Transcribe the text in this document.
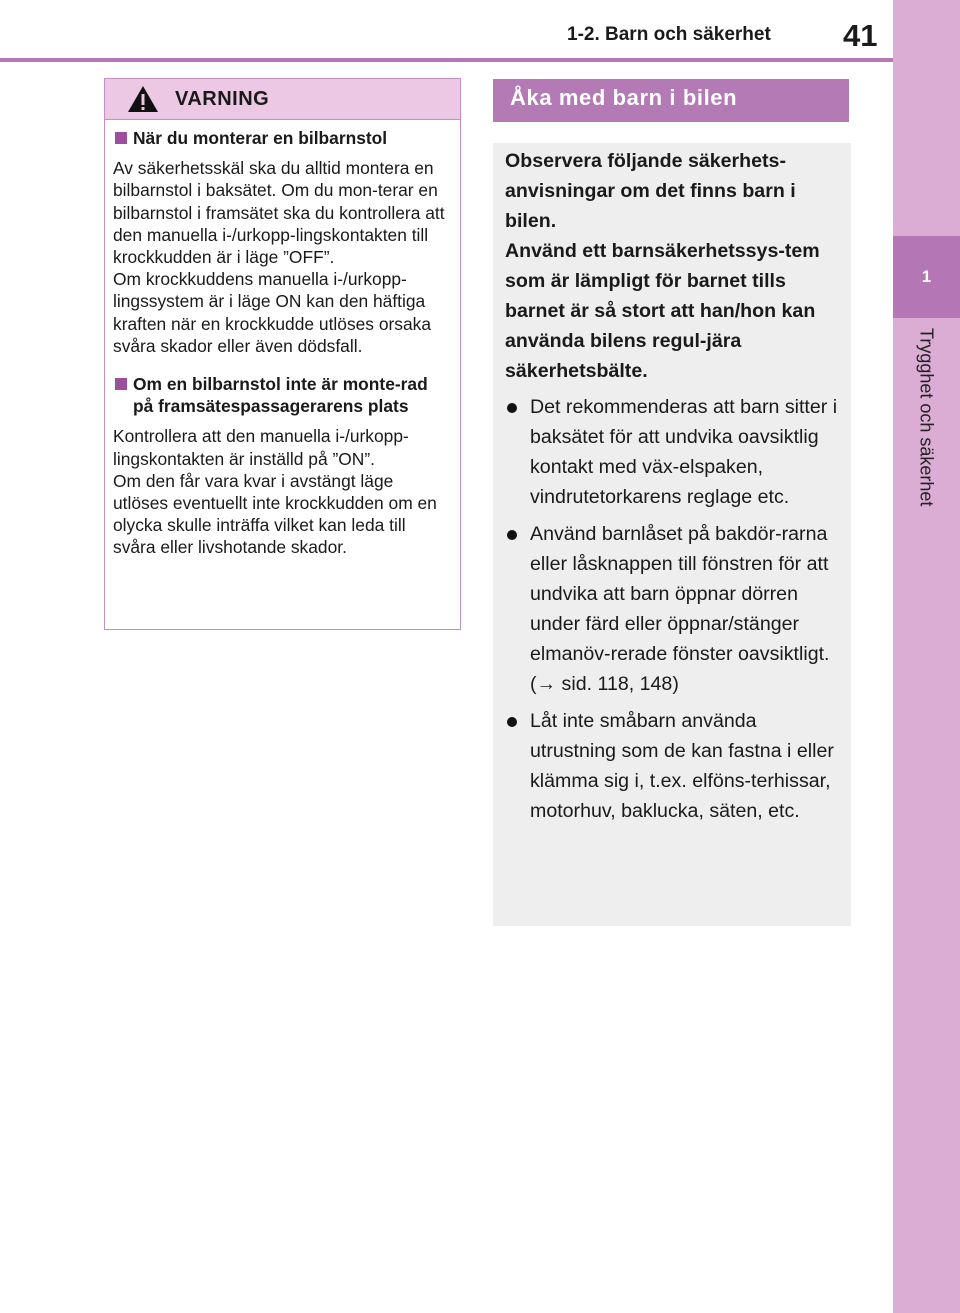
1-2. Barn och säkerhet 41
1
Trygghet och säkerhet
VARNING
När du monterar en bilbarnstol

Av säkerhetsskäl ska du alltid montera en bilbarnstol i baksätet. Om du mon-terar en bilbarnstol i framsätet ska du kontrollera att den manuella i-/urkopp-lingskontakten till krockkudden är i läge ”OFF”.
Om krockkuddens manuella i-/urkopp-lingssystem är i läge ON kan den häftiga kraften när en krockkudde utlöses orsaka svåra skador eller även dödsfall.

Om en bilbarnstol inte är monte-rad på framsätespassagerarens plats

Kontrollera att den manuella i-/urkopp-lingskontakten är inställd på ”ON”.
Om den får vara kvar i avstängt läge utlöses eventuellt inte krockkudden om en olycka skulle inträffa vilket kan leda till svåra eller livshotande skador.

Åka med barn i bilen

Observera följande säkerhets-anvisningar om det finns barn i bilen.
Använd ett barnsäkerhetssys-tem som är lämpligt för barnet tills barnet är så stort att han/hon kan använda bilens regul-jära säkerhetsbälte.

Det rekommenderas att barn sitter i baksätet för att undvika oavsiktlig kontakt med väx-elspaken, vindrutetorkarens reglage etc.
Använd barnlåset på bakdör-rarna eller låsknappen till fönstren för att undvika att barn öppnar dörren under färd eller öppnar/stänger elmanöv-rerade fönster oavsiktligt.
(→ sid. 118, 148)
Låt inte småbarn använda utrustning som de kan fastna i eller klämma sig i, t.ex. elföns-terhissar, motorhuv, baklucka, säten, etc.
